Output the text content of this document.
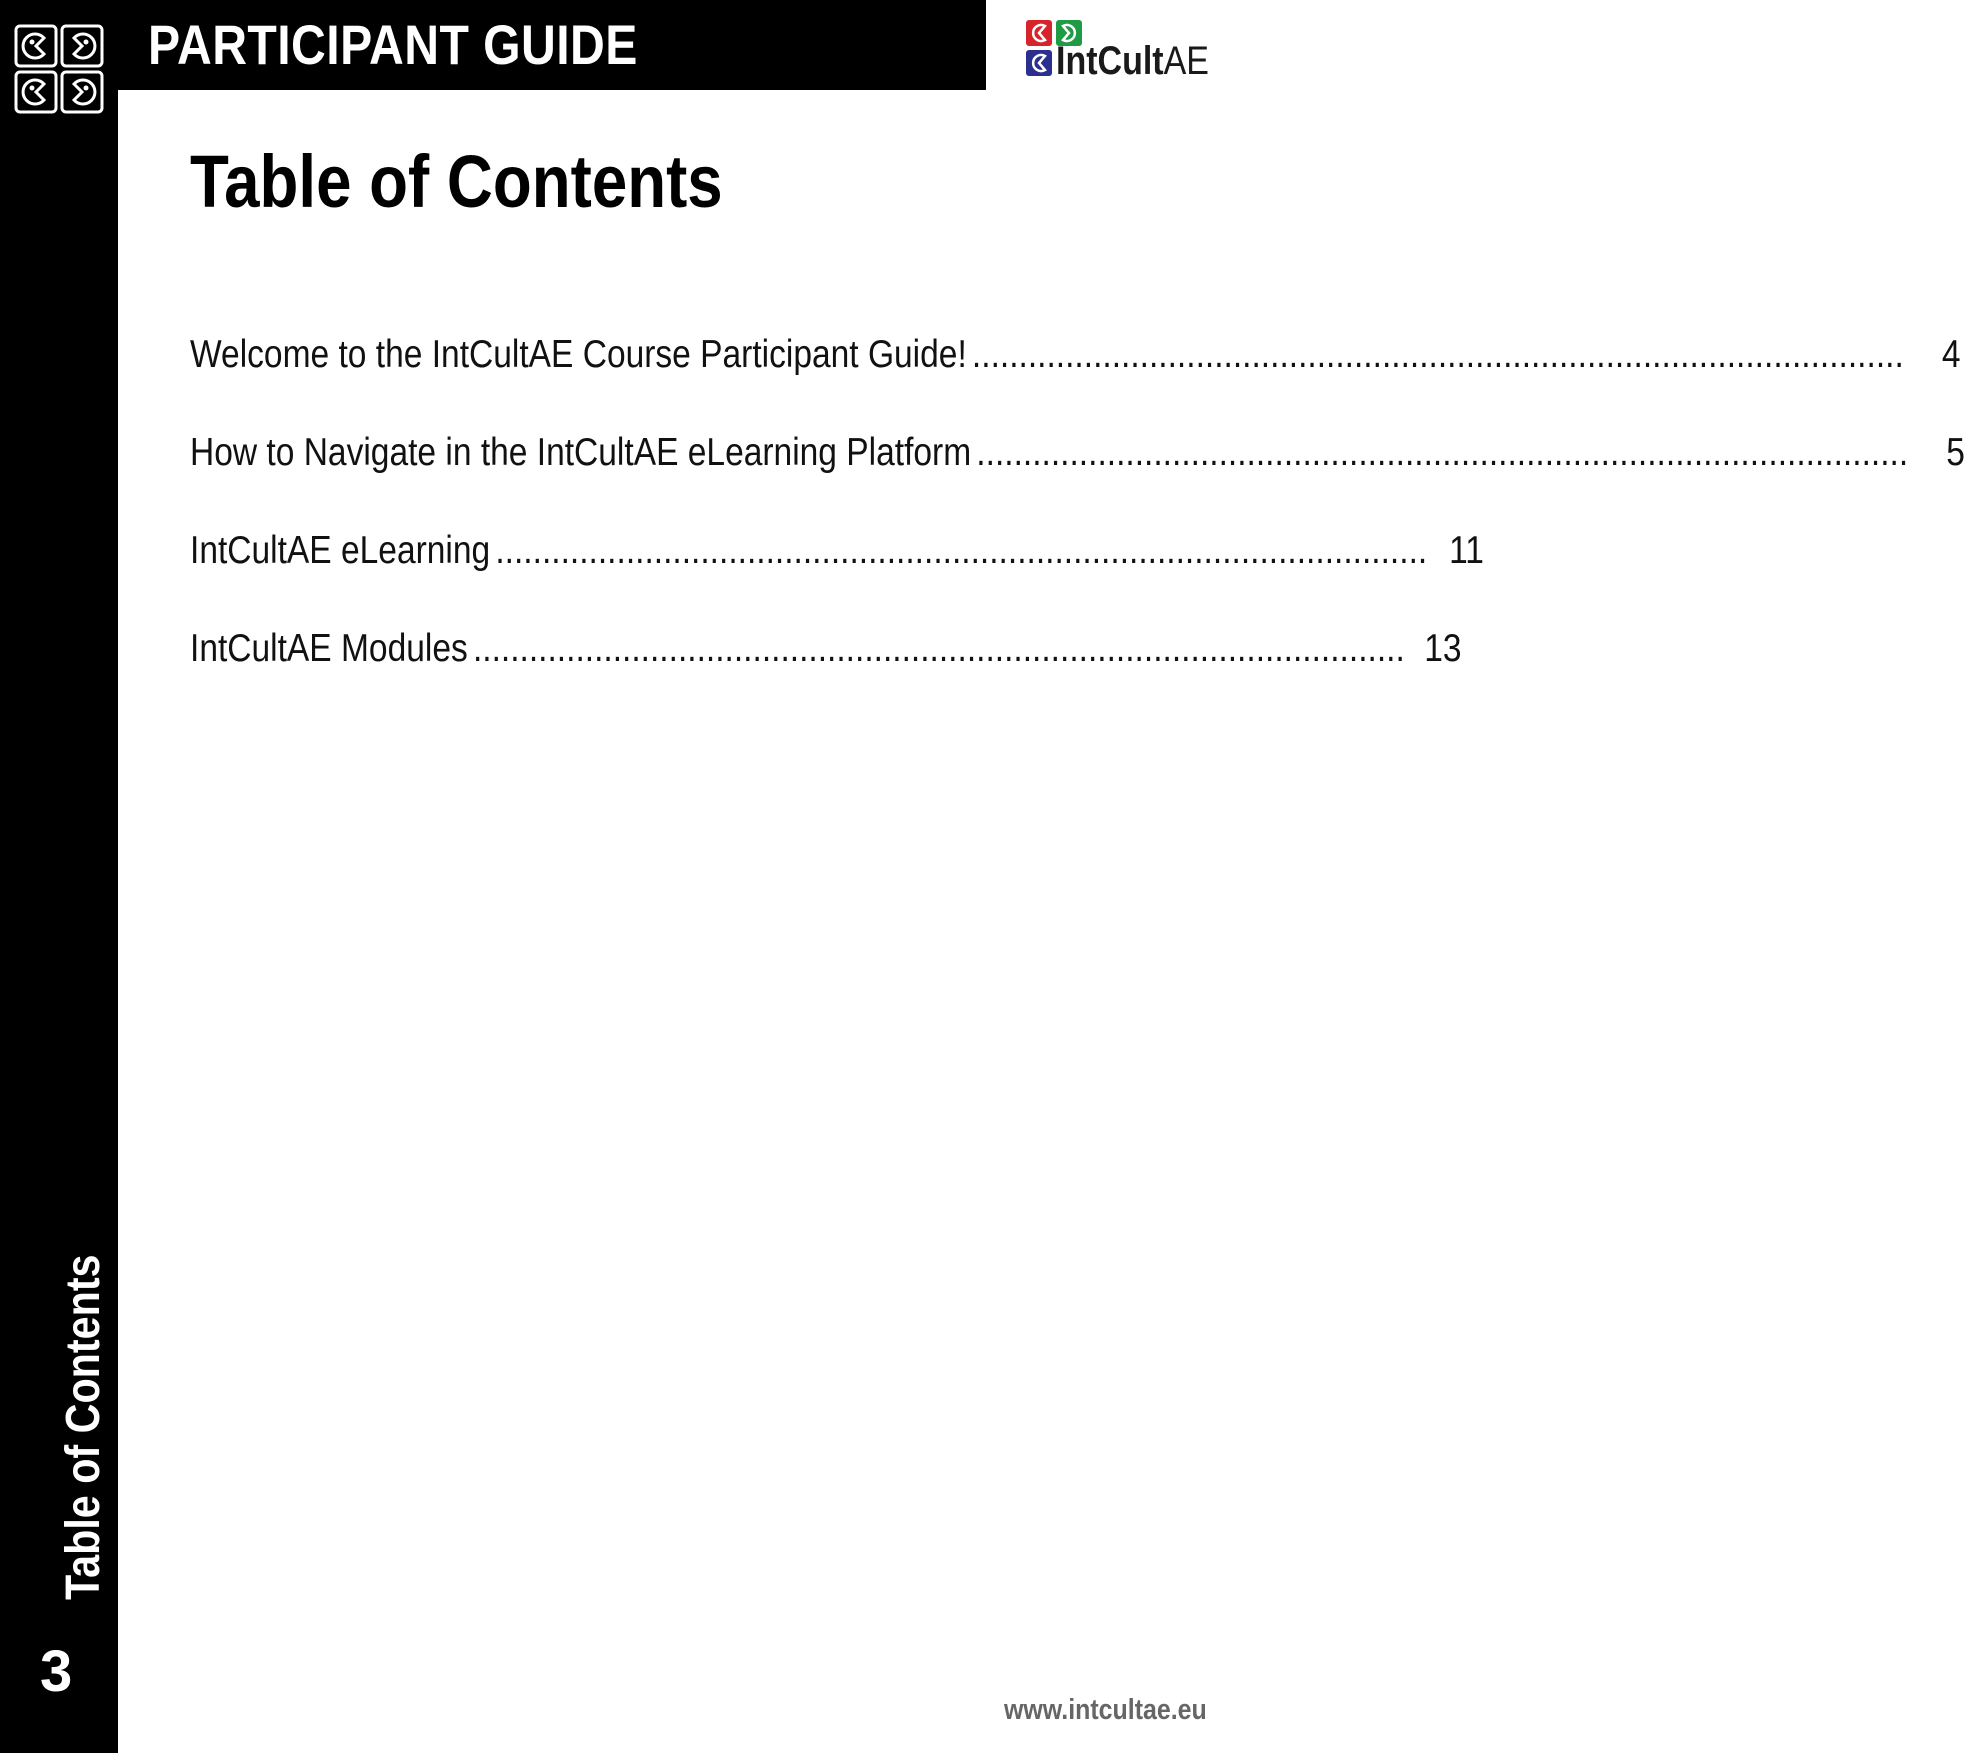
PARTICIPANT GUIDE	IntCultAE
Table of Contents
Welcome to the IntCultAE Course Participant Guide! .................................................................................................... 4
How to Navigate in the IntCultAE eLearning Platform .................................................................................................... 5
IntCultAE eLearning .................................................................................................... 11
IntCultAE Modules .................................................................................................... 13
Table of Contents
3
www.intcultae.eu
